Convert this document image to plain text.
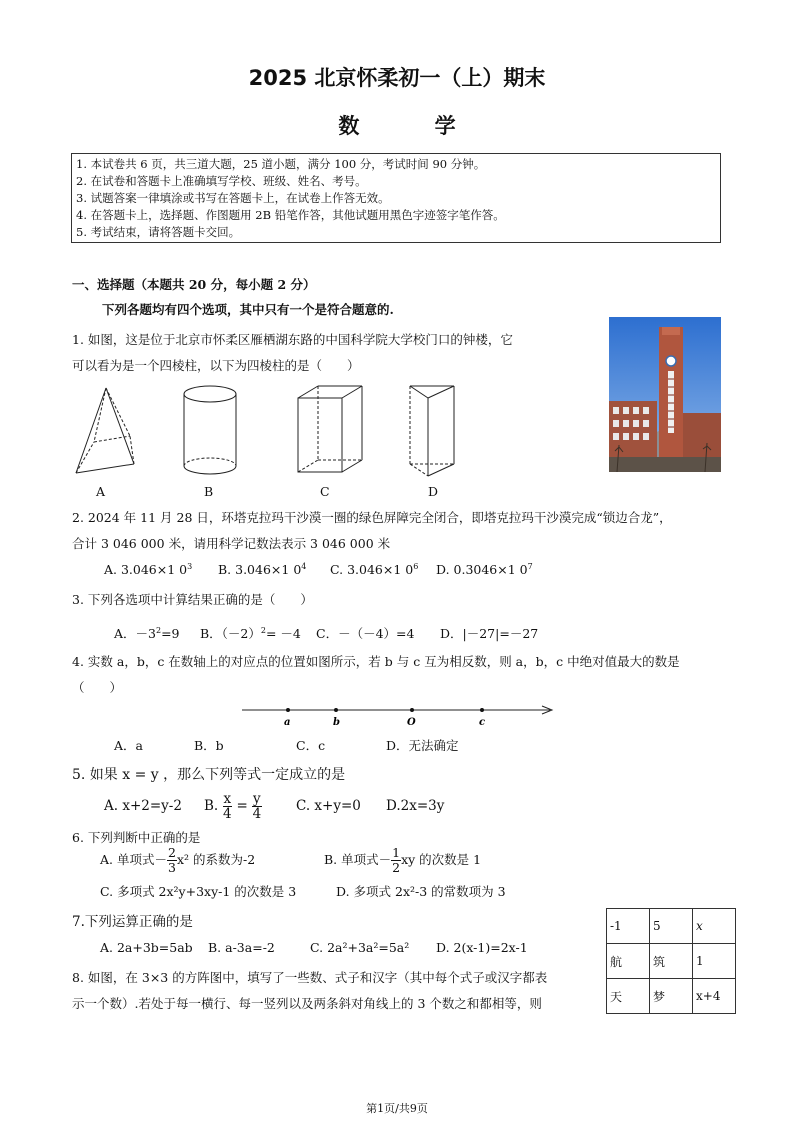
2025 北京怀柔初一（上）期末
数 学
1. 本试卷共 6 页，共三道大题，25 道小题，满分 100 分，考试时间 90 分钟。
2. 在试卷和答题卡上准确填写学校、班级、姓名、考号。
3. 试题答案一律填涂或书写在答题卡上，在试卷上作答无效。
4. 在答题卡上，选择题、作图题用 2B 铅笔作答，其他试题用黑色字迹签字笔作答。
5. 考试结束，请将答题卡交回。
一、选择题（本题共 20 分，每小题 2 分）
下列各题均有四个选项，其中只有一个是符合题意的.
1. 如图，这是位于北京市怀柔区雁栖湖东路的中国科学院大学校门口的钟楼，它
可以看为是一个四棱柱，以下为四棱柱的是（　　）
A	B	C	D
2. 2024 年 11 月 28 日，环塔克拉玛干沙漠一圈的绿色屏障完全闭合，即塔克拉玛干沙漠完成“锁边合龙”，
合计 3 046 000 米，请用科学记数法表示 3 046 000 米
A. 3.046×1 $0^3$ B. 3.046×1 $0^4$ C. 3.046×1 $0^6$ D. 0.3046×1 $0^7$
3. 下列各选项中计算结果正确的是（　　）
A．$-3^2=9$ B．$(-2)^2= -4$ C．－（－4）=4 D．|－27|=－27
4. 实数 a，b，c 在数轴上的对应点的位置如图所示，若 b 与 c 互为相反数，则 a，b，c 中绝对值最大的数是
（　　）
a	b	O	c
A．a	B．b	C．c	D．无法确定
5. 如果 x = y ，那么下列等式一定成立的是
A. x+2=y-2 B. $\frac{x}{4} = \frac{y}{4}$	C. x+y=0 D.2x=3y
6. 下列判断中正确的是
A. 单项式－ $\frac{2}{3} x^2$ 的系数为-2	B. 单项式－ $\frac{1}{2}$ xy 的次数是 1
C. 多项式 2x²y+3xy-1 的次数是 3	D. 多项式 2x²-3 的常数项为 3
7.下列运算正确的是
A. 2a+3b=5ab B. a-3a=-2	C. 2a²+3a²=5a² D. 2(x-1)=2x-1
8. 如图，在 3×3 的方阵图中，填写了一些数、式子和汉字（其中每个式子或汉字都表
示一个数）.若处于每一横行、每一竖列以及两条斜对角线上的 3 个数之和都相等，则
-1	5	x
航	筑	1
天	梦	x+4
第1页/共9页
